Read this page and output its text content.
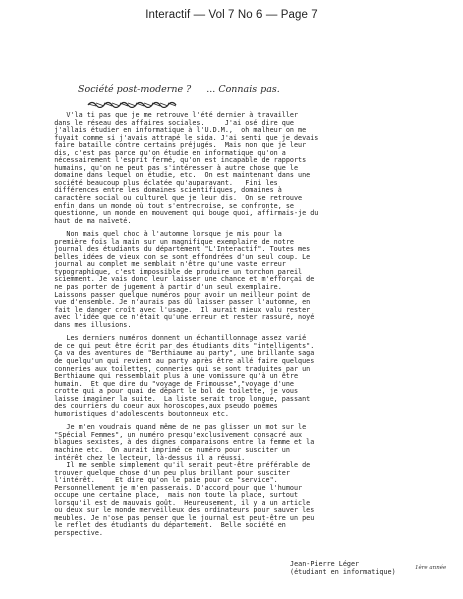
Interactif — Vol 7 No 6 — Page 7
Société post-moderne ? ... Connais pas.
V'la ti pas que je me retrouve l'été dernier à travailler
dans le réseau des affaires sociales.     J'ai osé dire que
j'allais étudier en informatique à l'U.D.M.,  oh malheur on me
fuyait comme si j'avais attrapé le sida. J'ai senti que je devais
faire bataille contre certains préjugés.  Mais non que je leur
dis, c'est pas parce qu'on étudie en informatique qu'on a
nécessairement l'esprit fermé, qu'on est incapable de rapports
humains, qu'on ne peut pas s'intéresser à autre chose que le
domaine dans lequel on étudie, etc.  On est maintenant dans une
société beaucoup plus éclatée qu'auparavant.   Fini les
différences entre les domaines scientifiques, domaines à
caractère social ou culturel que je leur dis.  On se retrouve
enfin dans un monde où tout s'entrecroise, se confronte, se
questionne, un monde en mouvement qui bouge quoi, affirmais-je du
haut de ma naïveté.
Non mais quel choc à l'automne lorsque je mis pour la
première fois la main sur un magnifique exemplaire de notre
journal des étudiants du département "L'Interactif". Toutes mes
belles idées de vieux con se sont effondrées d'un seul coup. Le
journal au complet me semblait n'être qu'une vaste erreur
typographique, c'est impossible de produire un torchon pareil
sciemment. Je vais donc leur laisser une chance et m'efforçai de
ne pas porter de jugement à partir d'un seul exemplaire.
Laissons passer quelque numéros pour avoir un meilleur point de
vue d'ensemble. Je n'aurais pas dû laisser passer l'automne, en
fait le danger croît avec l'usage.  Il aurait mieux valu rester
avec l'idée que ce n'était qu'une erreur et rester rassuré, noyé
dans mes illusions.
Les derniers numéros donnent un échantillonnage assez varié
de ce qui peut être écrit par des étudiants dits "intelligents".
Ça va des aventures de "Berthiaume au party", une brillante saga
de quelqu'un qui revient au party après être allé faire quelques
conneries aux toilettes, conneries qui se sont traduites par un
Berthiaume qui ressemblait plus à une vomissure qu'à un être
humain.  Et que dire du "voyage de Frimousse","voyage d'une
crotte qui a pour quai de départ le bol de toilette, je vous
laisse imaginer la suite.  La liste serait trop longue, passant
des courriers du coeur aux horoscopes,aux pseudo poèmes
humoristiques d'adolescents boutonneux etc.
Je m'en voudrais quand même de ne pas glisser un mot sur le
"Spécial Femmes", un numéro presqu'exclusivement consacré aux
blagues sexistes, à des dignes comparaisons entre la femme et la
machine etc.  On aurait imprimé ce numéro pour susciter un
intérêt chez le lecteur, là-dessus il a réussi.
Il me semble simplement qu'il serait peut-être préférable de
trouver quelque chose d'un peu plus brillant pour susciter
l'intérêt.     Et dire qu'on le paie pour ce "service".
Personnellement je m'en passerais. D'accord pour que l'humour
occupe une certaine place,  mais non toute la place, surtout
lorsqu'il est de mauvais goût.  Heureusement, il y a un article
ou deux sur le monde merveilleux des ordinateurs pour sauver les
meubles. Je n'ose pas penser que le journal est peut-être un peu
le reflet des étudiants du département.  Belle société en
perspective.
Jean-Pierre Léger
(étudiant en informatique)	1ère année
